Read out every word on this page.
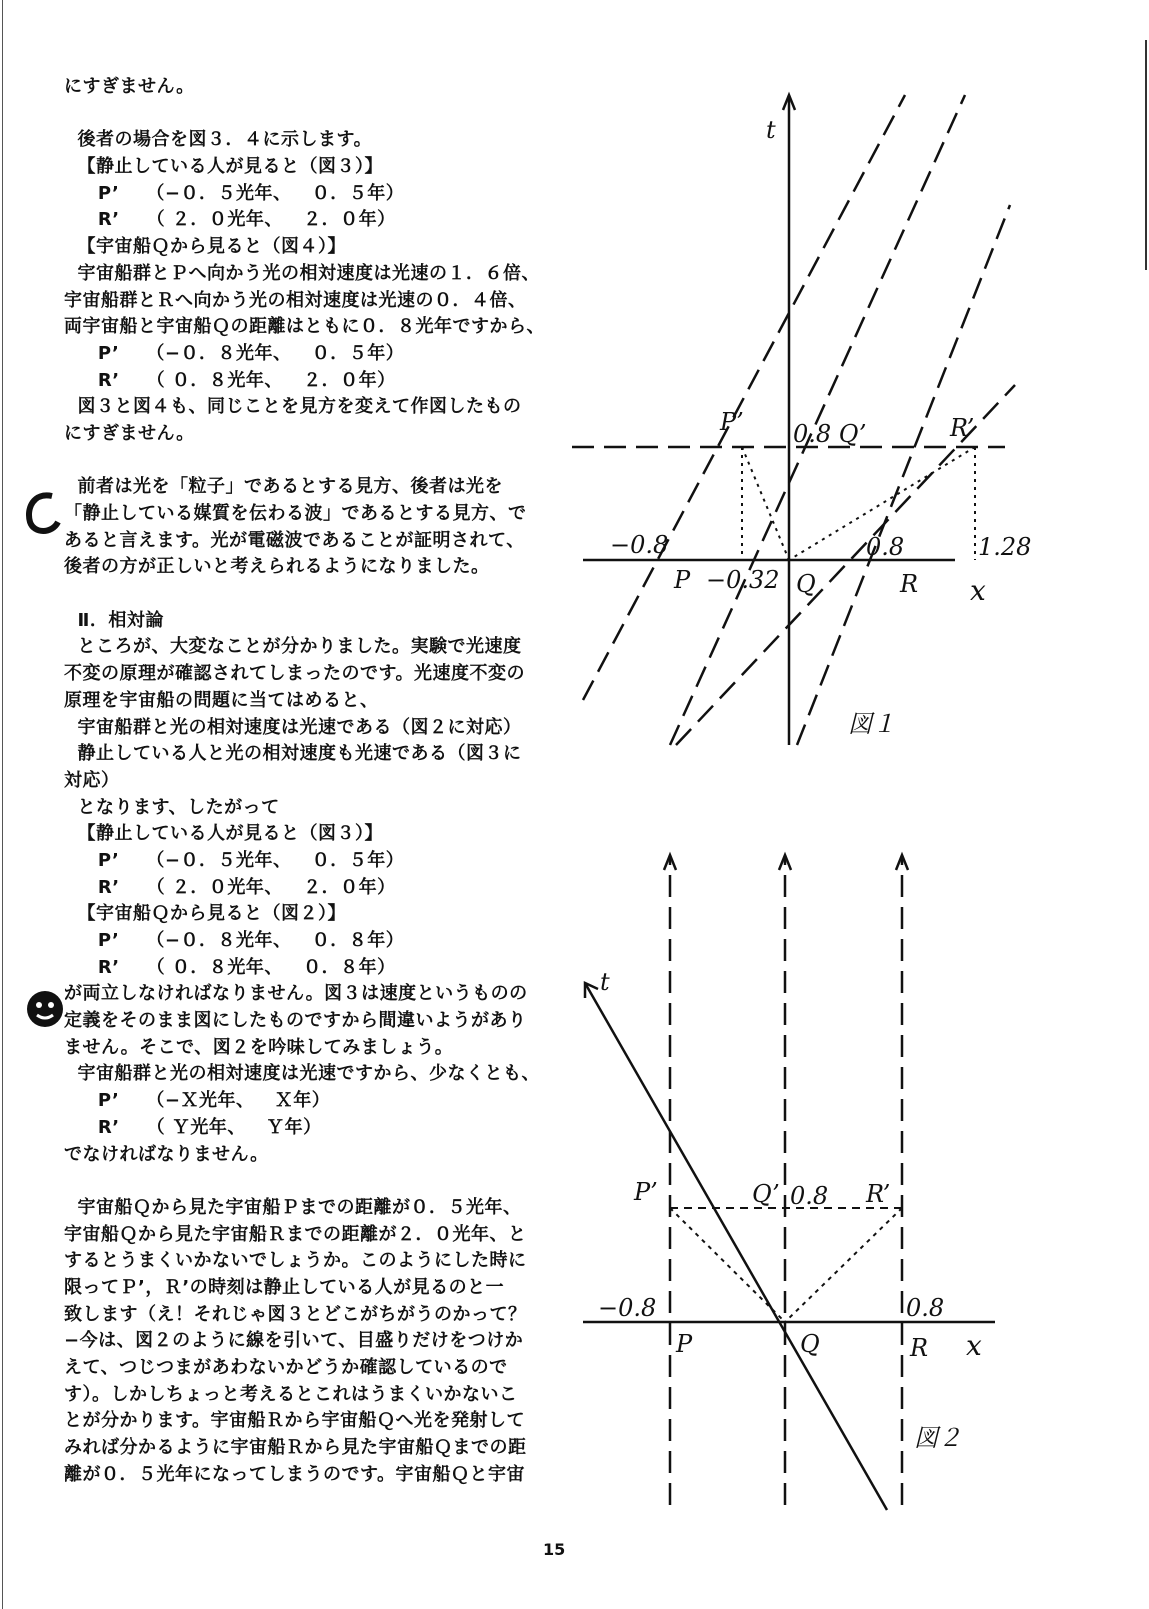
にすぎません。
後者の場合を図３．４に示します。
【静止している人が見ると（図３）】
P’    （−０．５光年、   ０．５年）
R’    （ ２．０光年、   ２．０年）
【宇宙船Ｑから見ると（図４）】
宇宙船群とＰへ向かう光の相対速度は光速の１．６倍、
宇宙船群とＲへ向かう光の相対速度は光速の０．４倍、
両宇宙船と宇宙船Ｑの距離はともに０．８光年ですから、
P’    （−０．８光年、   ０．５年）
R’    （ ０．８光年、   ２．０年）
図３と図４も、同じことを見方を変えて作図したもの
にすぎません。
前者は光を「粒子」であるとする見方、後者は光を
「静止している媒質を伝わる波」であるとする見方、で
あると言えます。光が電磁波であることが証明されて、
後者の方が正しいと考えられるようになりました。
Ⅱ．相対論
ところが、大変なことが分かりました。実験で光速度
不変の原理が確認されてしまったのです。光速度不変の
原理を宇宙船の問題に当てはめると、
宇宙船群と光の相対速度は光速である（図２に対応）
静止している人と光の相対速度も光速である（図３に
対応）
となります、したがって
【静止している人が見ると（図３）】
P’    （−０．５光年、   ０．５年）
R’    （ ２．０光年、   ２．０年）
【宇宙船Ｑから見ると（図２）】
P’    （−０．８光年、   ０．８年）
R’    （ ０．８光年、   ０．８年）
が両立しなければなりません。図３は速度というものの
定義をそのまま図にしたものですから間違いようがあり
ません。そこで、図２を吟味してみましょう。
宇宙船群と光の相対速度は光速ですから、少なくとも、
P’    （−Ｘ光年、   Ｘ年）
R’    （ Ｙ光年、   Ｙ年）
でなければなりません。
宇宙船Ｑから見た宇宙船Ｐまでの距離が０．５光年、
宇宙船Ｑから見た宇宙船Ｒまでの距離が２．０光年、と
するとうまくいかないでしょうか。このようにした時に
限ってＰ’，Ｒ’の時刻は静止している人が見るのと一
致します（え！それじゃ図３とどこがちがうのかって？
−今は、図２のように線を引いて、目盛りだけをつけか
えて、つじつまがあわないかどうか確認しているので
す）。しかしちょっと考えるとこれはうまくいかないこ
とが分かります。宇宙船Ｒから宇宙船Ｑへ光を発射して
みれば分かるように宇宙船Ｒから見た宇宙船Ｑまでの距
離が０．５光年になってしまうのです。宇宙船Ｑと宇宙
t
P’ 0.8 Q’	R’
−0.8	0.8	1.28
P −0.32 Q	R x
図１
t
P’	Q’ 0.8 R’
−0.8	0.8
P	Q	R x
図２
15
